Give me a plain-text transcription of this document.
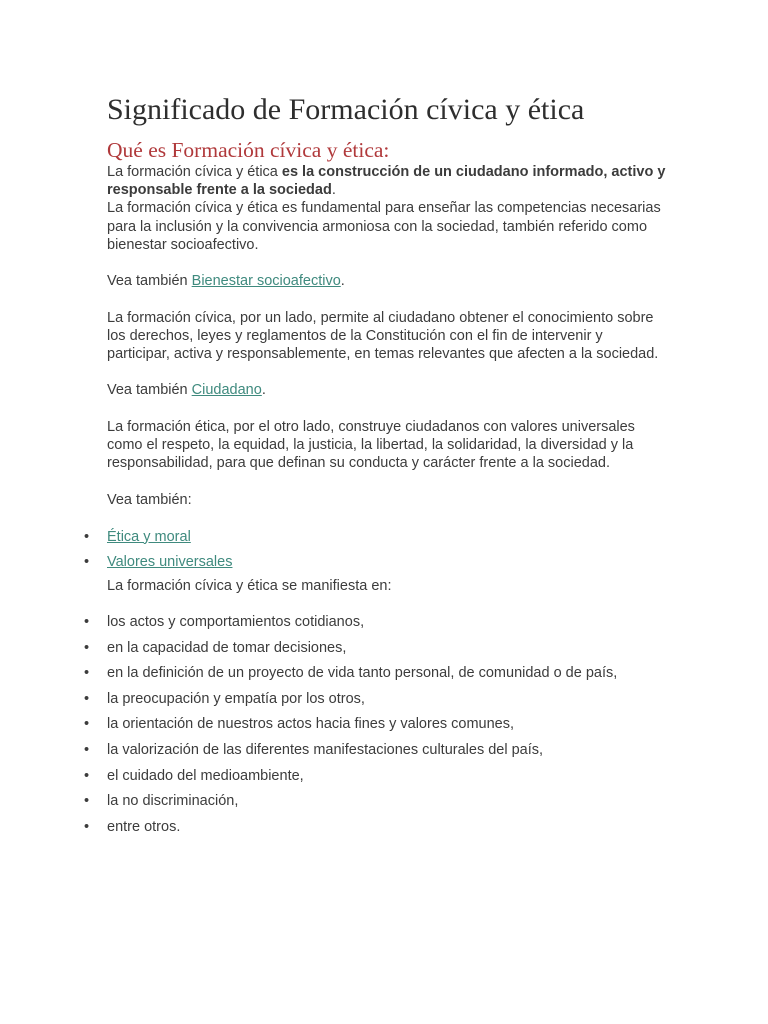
Significado de Formación cívica y ética
Qué es Formación cívica y ética:

La formación cívica y ética es la construcción de un ciudadano informado, activo y responsable frente a la sociedad.

La formación cívica y ética es fundamental para enseñar las competencias necesarias para la inclusión y la convivencia armoniosa con la sociedad, también referido como bienestar socioafectivo.

Vea también Bienestar socioafectivo.

La formación cívica, por un lado, permite al ciudadano obtener el conocimiento sobre los derechos, leyes y reglamentos de la Constitución con el fin de intervenir y participar, activa y responsablemente, en temas relevantes que afecten a la sociedad.

Vea también Ciudadano.

La formación ética, por el otro lado, construye ciudadanos con valores universales como el respeto, la equidad, la justicia, la libertad, la solidaridad, la diversidad y la responsabilidad, para que definan su conducta y carácter frente a la sociedad.

Vea también:

• Ética y moral
• Valores universales

La formación cívica y ética se manifiesta en:

• los actos y comportamientos cotidianos,
• en la capacidad de tomar decisiones,
• en la definición de un proyecto de vida tanto personal, de comunidad o de país,
• la preocupación y empatía por los otros,
• la orientación de nuestros actos hacia fines y valores comunes,
• la valorización de las diferentes manifestaciones culturales del país,
• el cuidado del medioambiente,
• la no discriminación,
• entre otros.
